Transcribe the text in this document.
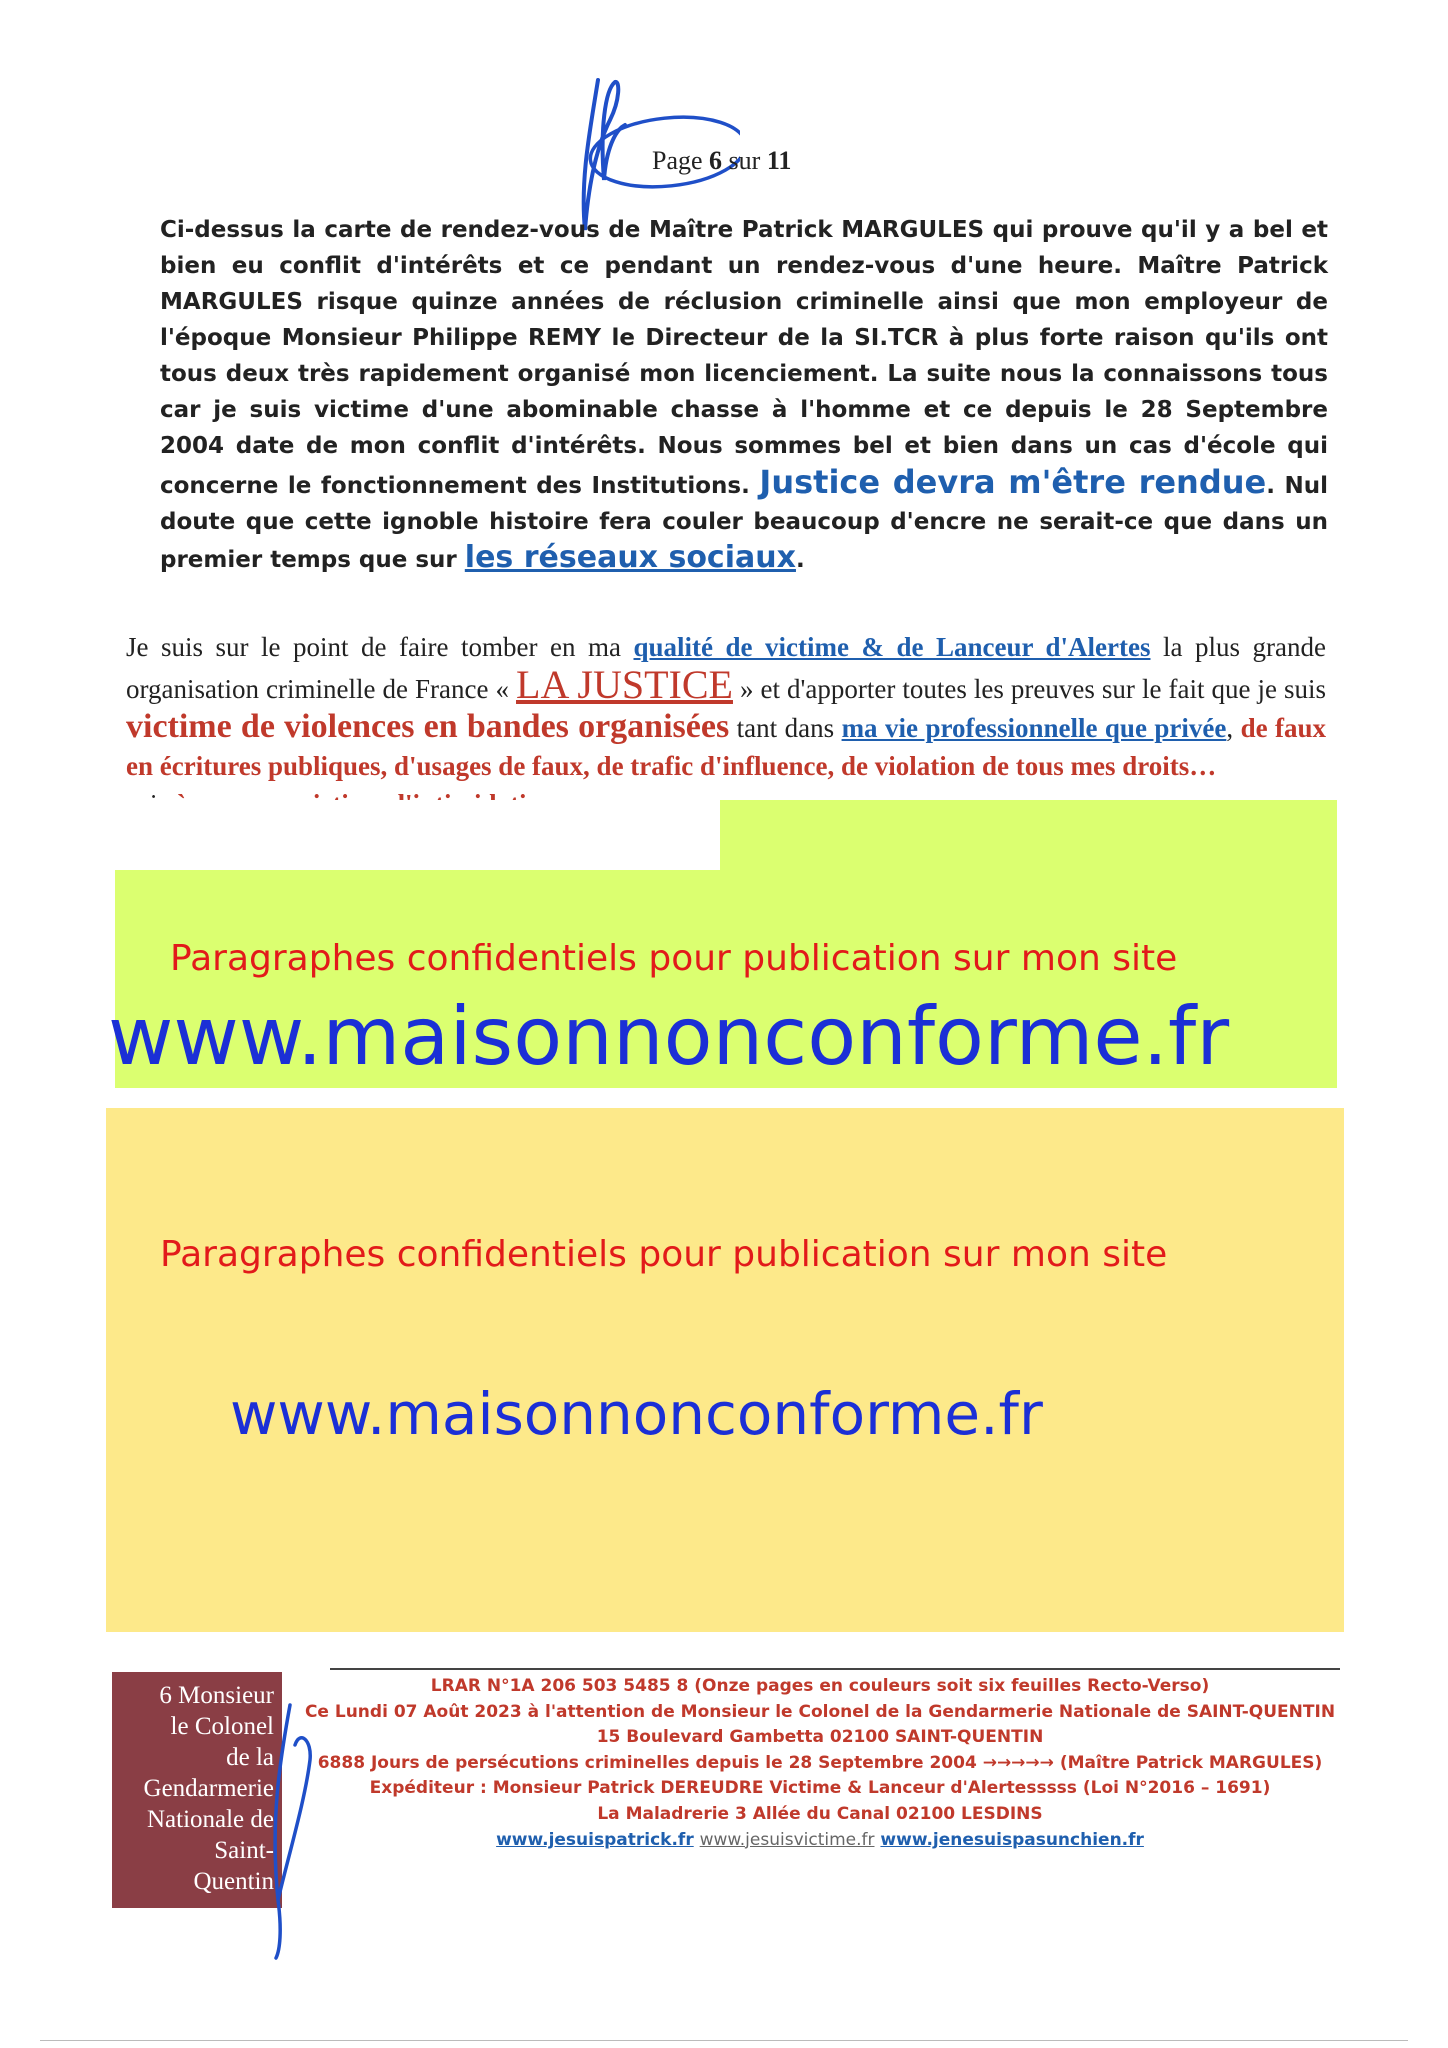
Page 6 sur 11
Ci-dessus la carte de rendez-vous de Maître Patrick MARGULES qui prouve qu'il y a bel et bien eu conflit d'intérêts et ce pendant un rendez-vous d'une heure. Maître Patrick MARGULES risque quinze années de réclusion criminelle ainsi que mon employeur de l'époque Monsieur Philippe REMY le Directeur de la SI.TCR à plus forte raison qu'ils ont tous deux très rapidement organisé mon licenciement. La suite nous la connaissons tous car je suis victime d'une abominable chasse à l'homme et ce depuis le 28 Septembre 2004 date de mon conflit d'intérêts. Nous sommes bel et bien dans un cas d'école qui concerne le fonctionnement des Institutions. Justice devra m'être rendue. Nul doute que cette ignoble histoire fera couler beaucoup d'encre ne serait-ce que dans un premier temps que sur les réseaux sociaux.
Je suis sur le point de faire tomber en ma qualité de victime & de Lanceur d'Alertes la plus grande organisation criminelle de France « LA JUSTICE » et d'apporter toutes les preuves sur le fait que je suis victime de violences en bandes organisées tant dans ma vie professionnelle que privée, de faux en écritures publiques, d'usages de faux, de trafic d'influence, de violation de tous mes droits…

Paragraphes confidentiels pour publication sur mon site
www.maisonnonconforme.fr
Paragraphes confidentiels pour publication sur mon site
www.maisonnonconforme.fr
6 Monsieur
le Colonel
de la
Gendarmerie
Nationale de
Saint-
Quentin
LRAR N°1A 206 503 5485 8 (Onze pages en couleurs soit six feuilles Recto-Verso)
Ce Lundi 07 Août 2023 à l'attention de Monsieur le Colonel de la Gendarmerie Nationale de SAINT-QUENTIN
15 Boulevard Gambetta 02100 SAINT-QUENTIN
6888 Jours de persécutions criminelles depuis le 28 Septembre 2004 →→→→→ (Maître Patrick MARGULES)
Expéditeur : Monsieur Patrick DEREUDRE Victime & Lanceur d'Alertesssss (Loi N°2016 – 1691)
La Maladrerie 3 Allée du Canal 02100 LESDINS
www.jesuispatrick.fr www.jesuisvictime.fr www.jenesuispasunchien.fr
